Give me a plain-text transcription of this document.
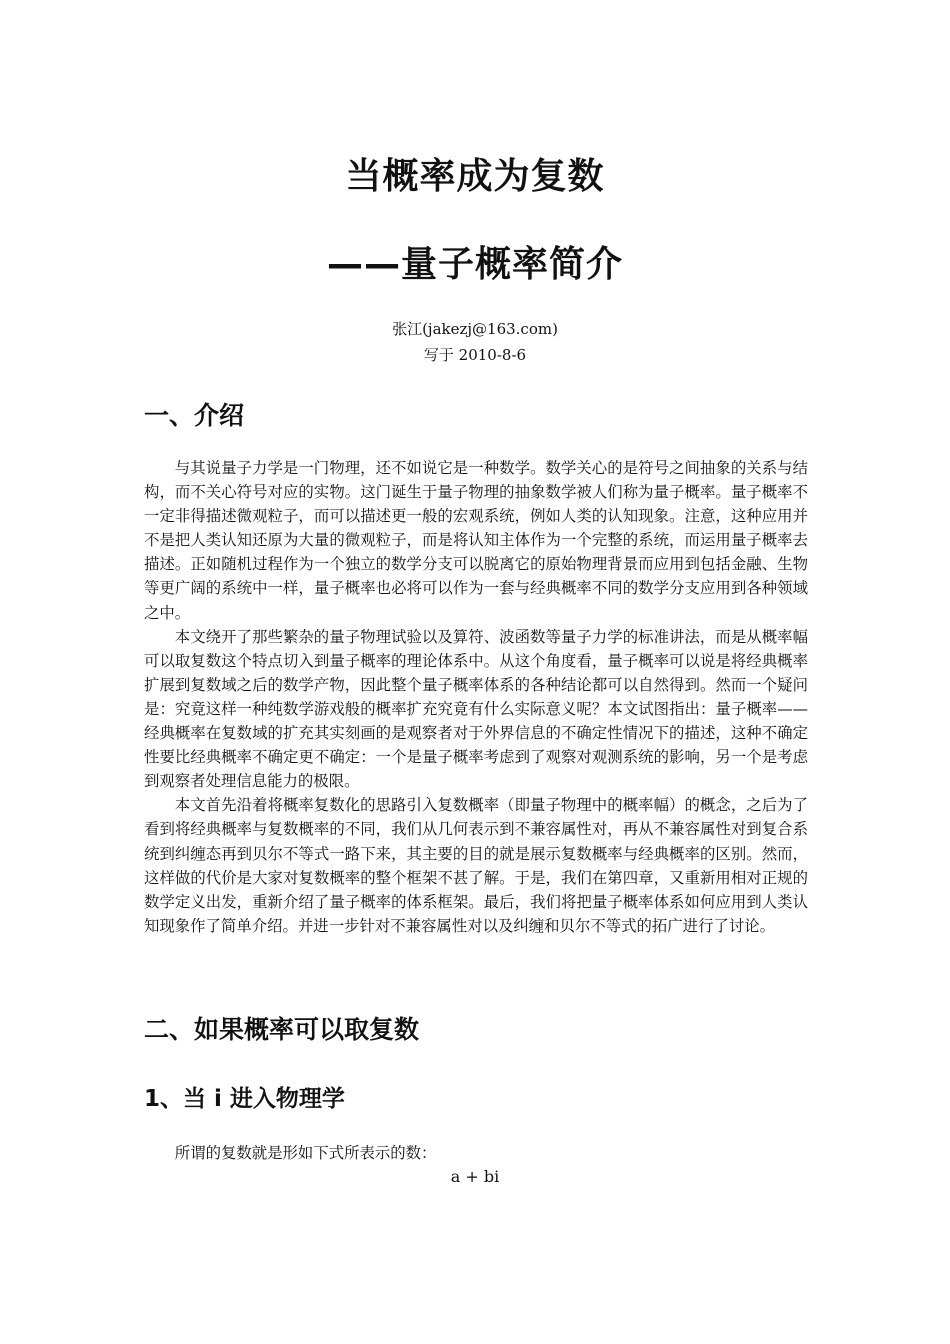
当概率成为复数
——量子概率简介
张江(jakezj@163.com)
写于 2010-8-6
一、介绍

与其说量子力学是一门物理，还不如说它是一种数学。数学关心的是符号之间抽象的关系与结构，而不关心符号对应的实物。这门诞生于量子物理的抽象数学被人们称为量子概率。量子概率不一定非得描述微观粒子，而可以描述更一般的宏观系统，例如人类的认知现象。注意，这种应用并不是把人类认知还原为大量的微观粒子，而是将认知主体作为一个完整的系统，而运用量子概率去描述。正如随机过程作为一个独立的数学分支可以脱离它的原始物理背景而应用到包括金融、生物等更广阔的系统中一样，量子概率也必将可以作为一套与经典概率不同的数学分支应用到各种领域之中。

本文绕开了那些繁杂的量子物理试验以及算符、波函数等量子力学的标准讲法，而是从概率幅可以取复数这个特点切入到量子概率的理论体系中。从这个角度看，量子概率可以说是将经典概率扩展到复数域之后的数学产物，因此整个量子概率体系的各种结论都可以自然得到。然而一个疑问是：究竟这样一种纯数学游戏般的概率扩充究竟有什么实际意义呢？本文试图指出：量子概率——经典概率在复数域的扩充其实刻画的是观察者对于外界信息的不确定性情况下的描述，这种不确定性要比经典概率不确定更不确定：一个是量子概率考虑到了观察对观测系统的影响，另一个是考虑到观察者处理信息能力的极限。

本文首先沿着将概率复数化的思路引入复数概率（即量子物理中的概率幅）的概念，之后为了看到将经典概率与复数概率的不同，我们从几何表示到不兼容属性对，再从不兼容属性对到复合系统到纠缠态再到贝尔不等式一路下来，其主要的目的就是展示复数概率与经典概率的区别。然而，这样做的代价是大家对复数概率的整个框架不甚了解。于是，我们在第四章，又重新用相对正规的数学定义出发，重新介绍了量子概率的体系框架。最后，我们将把量子概率体系如何应用到人类认知现象作了简单介绍。并进一步针对不兼容属性对以及纠缠和贝尔不等式的拓广进行了讨论。

二、如果概率可以取复数
1、当 i 进入物理学

所谓的复数就是形如下式所表示的数：

a + bi
